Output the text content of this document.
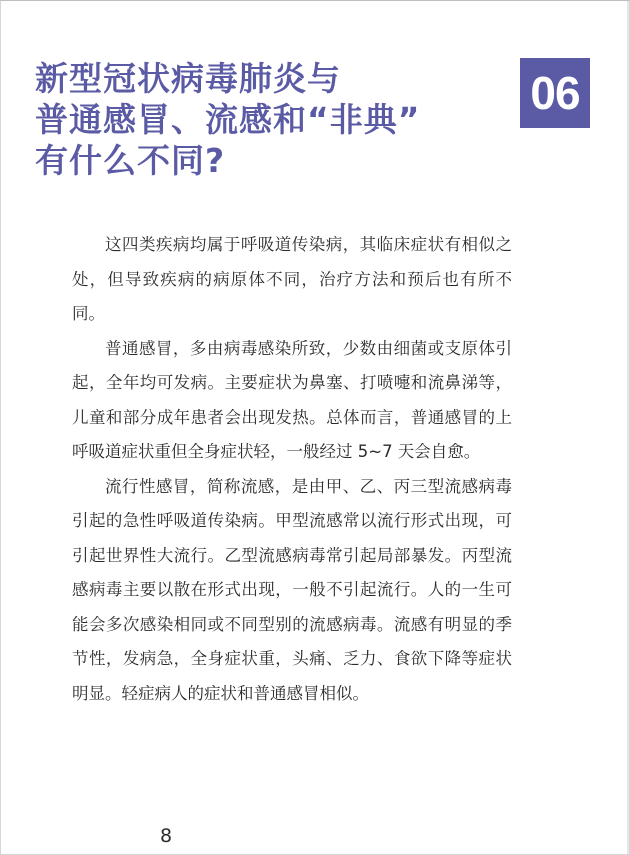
新型冠状病毒肺炎与
普通感冒、流感和“非典”
有什么不同?
06

这四类疾病均属于呼吸道传染病，其临床症状有相似之处，但导致疾病的病原体不同，治疗方法和预后也有所不同。

普通感冒，多由病毒感染所致，少数由细菌或支原体引起，全年均可发病。主要症状为鼻塞、打喷嚏和流鼻涕等，儿童和部分成年患者会出现发热。总体而言，普通感冒的上呼吸道症状重但全身症状轻，一般经过 5~7 天会自愈。

流行性感冒，简称流感，是由甲、乙、丙三型流感病毒引起的急性呼吸道传染病。甲型流感常以流行形式出现，可引起世界性大流行。乙型流感病毒常引起局部暴发。丙型流感病毒主要以散在形式出现，一般不引起流行。人的一生可能会多次感染相同或不同型别的流感病毒。流感有明显的季节性，发病急，全身症状重，头痛、乏力、食欲下降等症状明显。轻症病人的症状和普通感冒相似。

8
